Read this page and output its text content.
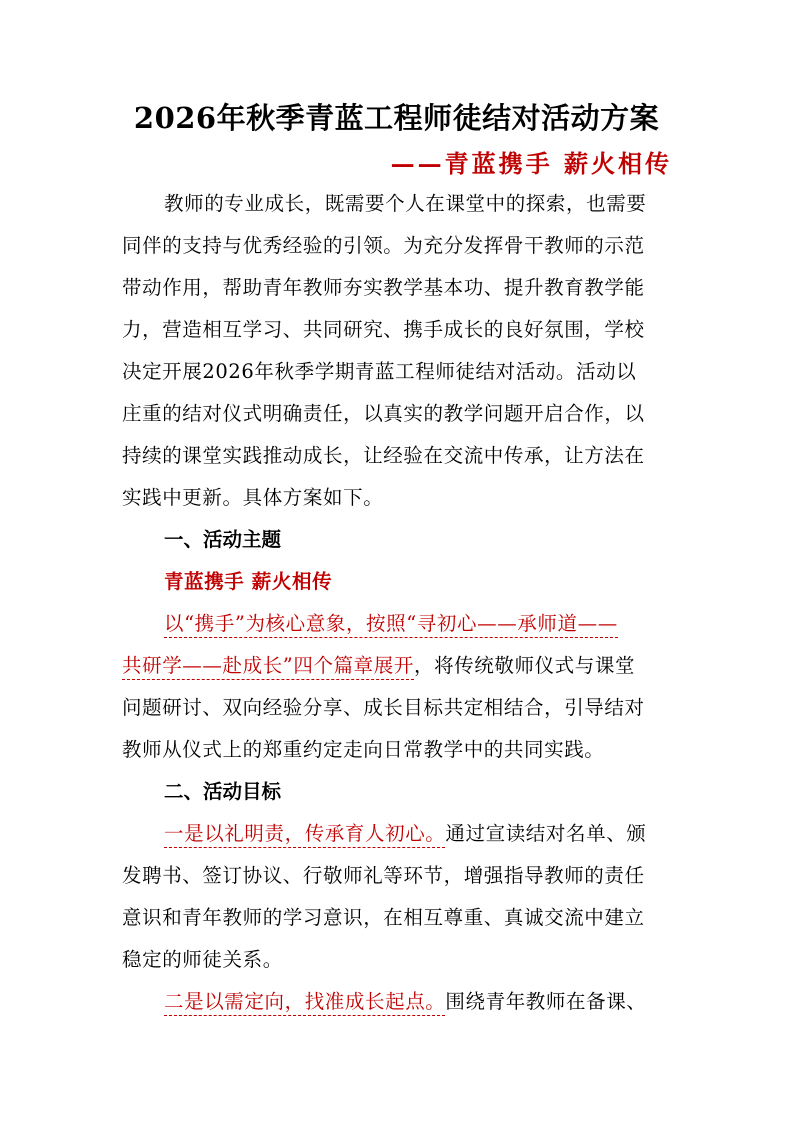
2026年秋季青蓝工程师徒结对活动方案
——青蓝携手 薪火相传
教师的专业成长，既需要个人在课堂中的探索，也需要
同伴的支持与优秀经验的引领。为充分发挥骨干教师的示范
带动作用，帮助青年教师夯实教学基本功、提升教育教学能
力，营造相互学习、共同研究、携手成长的良好氛围，学校
决定开展2026年秋季学期青蓝工程师徒结对活动。活动以
庄重的结对仪式明确责任，以真实的教学问题开启合作，以
持续的课堂实践推动成长，让经验在交流中传承，让方法在
实践中更新。具体方案如下。
一、活动主题
青蓝携手 薪火相传
以“携手”为核心意象，按照“寻初心——承师道——
共研学——赴成长”四个篇章展开，将传统敬师仪式与课堂
问题研讨、双向经验分享、成长目标共定相结合，引导结对
教师从仪式上的郑重约定走向日常教学中的共同实践。
二、活动目标
一是以礼明责，传承育人初心。通过宣读结对名单、颁
发聘书、签订协议、行敬师礼等环节，增强指导教师的责任
意识和青年教师的学习意识，在相互尊重、真诚交流中建立
稳定的师徒关系。
二是以需定向，找准成长起点。围绕青年教师在备课、
